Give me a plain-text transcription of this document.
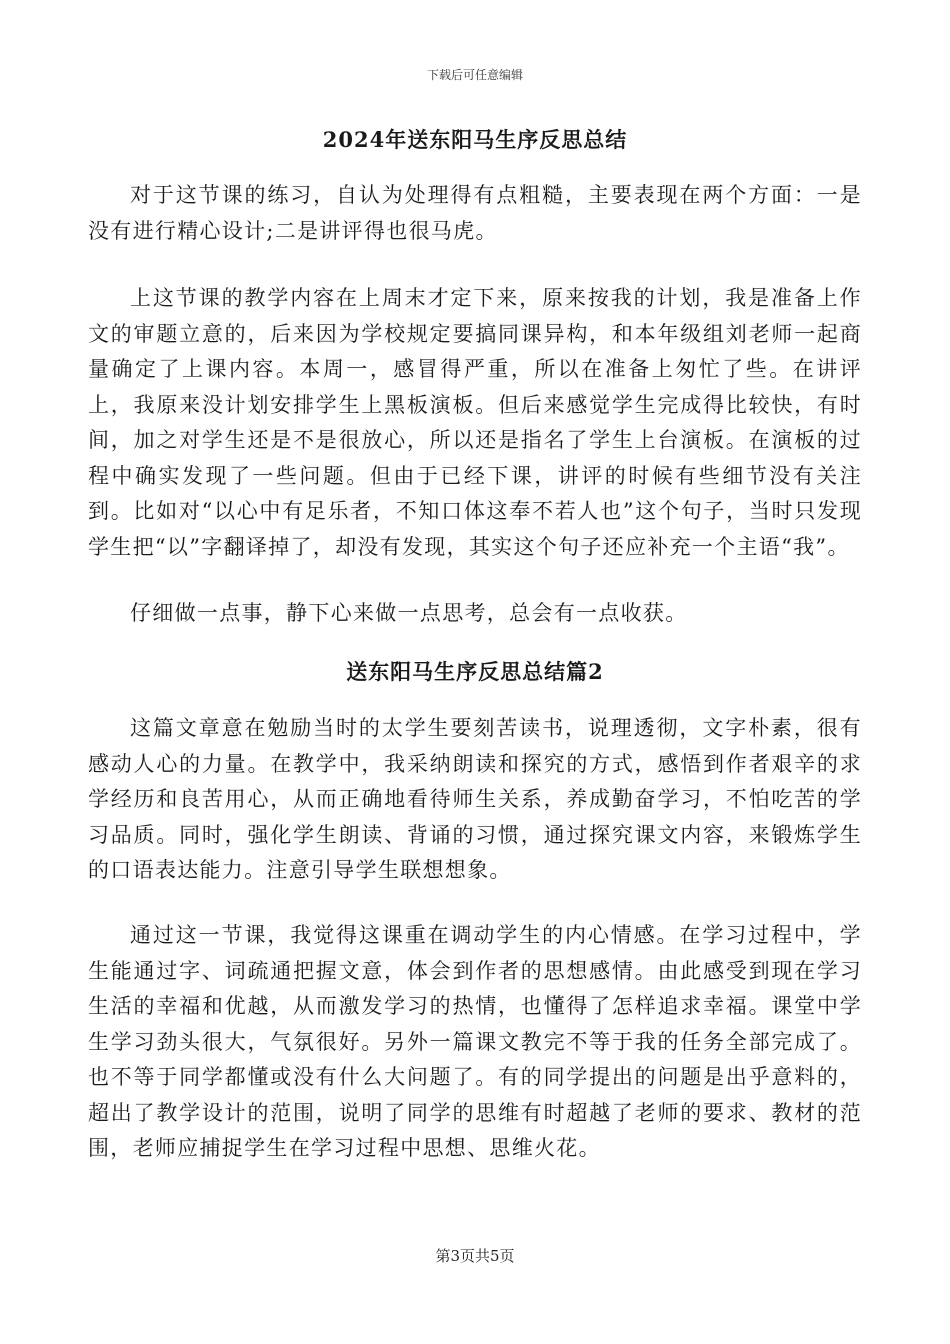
下载后可任意编辑
2024年送东阳马生序反思总结

对于这节课的练习，自认为处理得有点粗糙，主要表现在两个方面：一是没有进行精心设计;二是讲评得也很马虎。

上这节课的教学内容在上周末才定下来，原来按我的计划，我是准备上作文的审题立意的，后来因为学校规定要搞同课异构，和本年级组刘老师一起商量确定了上课内容。本周一，感冒得严重，所以在准备上匆忙了些。在讲评上，我原来没计划安排学生上黑板演板。但后来感觉学生完成得比较快，有时间，加之对学生还是不是很放心，所以还是指名了学生上台演板。在演板的过程中确实发现了一些问题。但由于已经下课，讲评的时候有些细节没有关注到。比如对“以心中有足乐者，不知口体这奉不若人也”这个句子，当时只发现学生把“以”字翻译掉了，却没有发现，其实这个句子还应补充一个主语“我”。

仔细做一点事，静下心来做一点思考，总会有一点收获。

送东阳马生序反思总结篇2

这篇文章意在勉励当时的太学生要刻苦读书，说理透彻，文字朴素，很有感动人心的力量。在教学中，我采纳朗读和探究的方式，感悟到作者艰辛的求学经历和良苦用心，从而正确地看待师生关系，养成勤奋学习，不怕吃苦的学习品质。同时，强化学生朗读、背诵的习惯，通过探究课文内容，来锻炼学生的口语表达能力。注意引导学生联想想象。

通过这一节课，我觉得这课重在调动学生的内心情感。在学习过程中，学生能通过字、词疏通把握文意，体会到作者的思想感情。由此感受到现在学习生活的幸福和优越，从而激发学习的热情，也懂得了怎样追求幸福。课堂中学生学习劲头很大，气氛很好。另外一篇课文教完不等于我的任务全部完成了。也不等于同学都懂或没有什么大问题了。有的同学提出的问题是出乎意料的，超出了教学设计的范围，说明了同学的思维有时超越了老师的要求、教材的范围，老师应捕捉学生在学习过程中思想、思维火花。

第3页共5页
